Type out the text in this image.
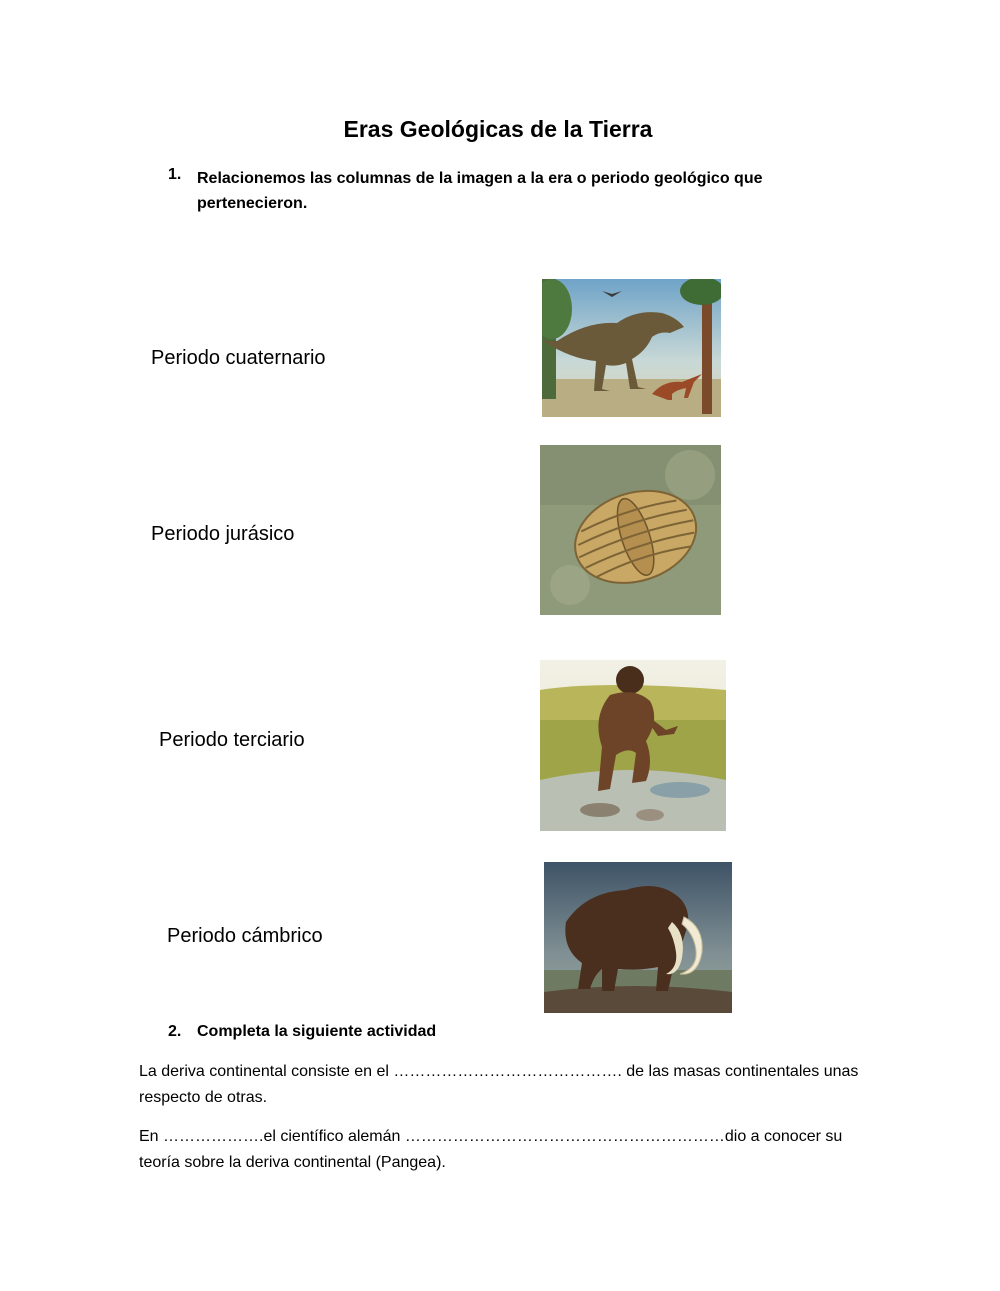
Eras Geológicas de la Tierra
1. Relacionemos las columnas de la imagen a la era o periodo geológico que pertenecieron.
Periodo cuaternario
Periodo jurásico
Periodo terciario
Periodo cámbrico
2. Completa la siguiente actividad
La deriva continental consiste en el ……………………………………. de las masas continentales unas respecto de otras.
En ……………….el científico alemán ……………………………………………………dio a conocer su teoría sobre la deriva continental (Pangea).
